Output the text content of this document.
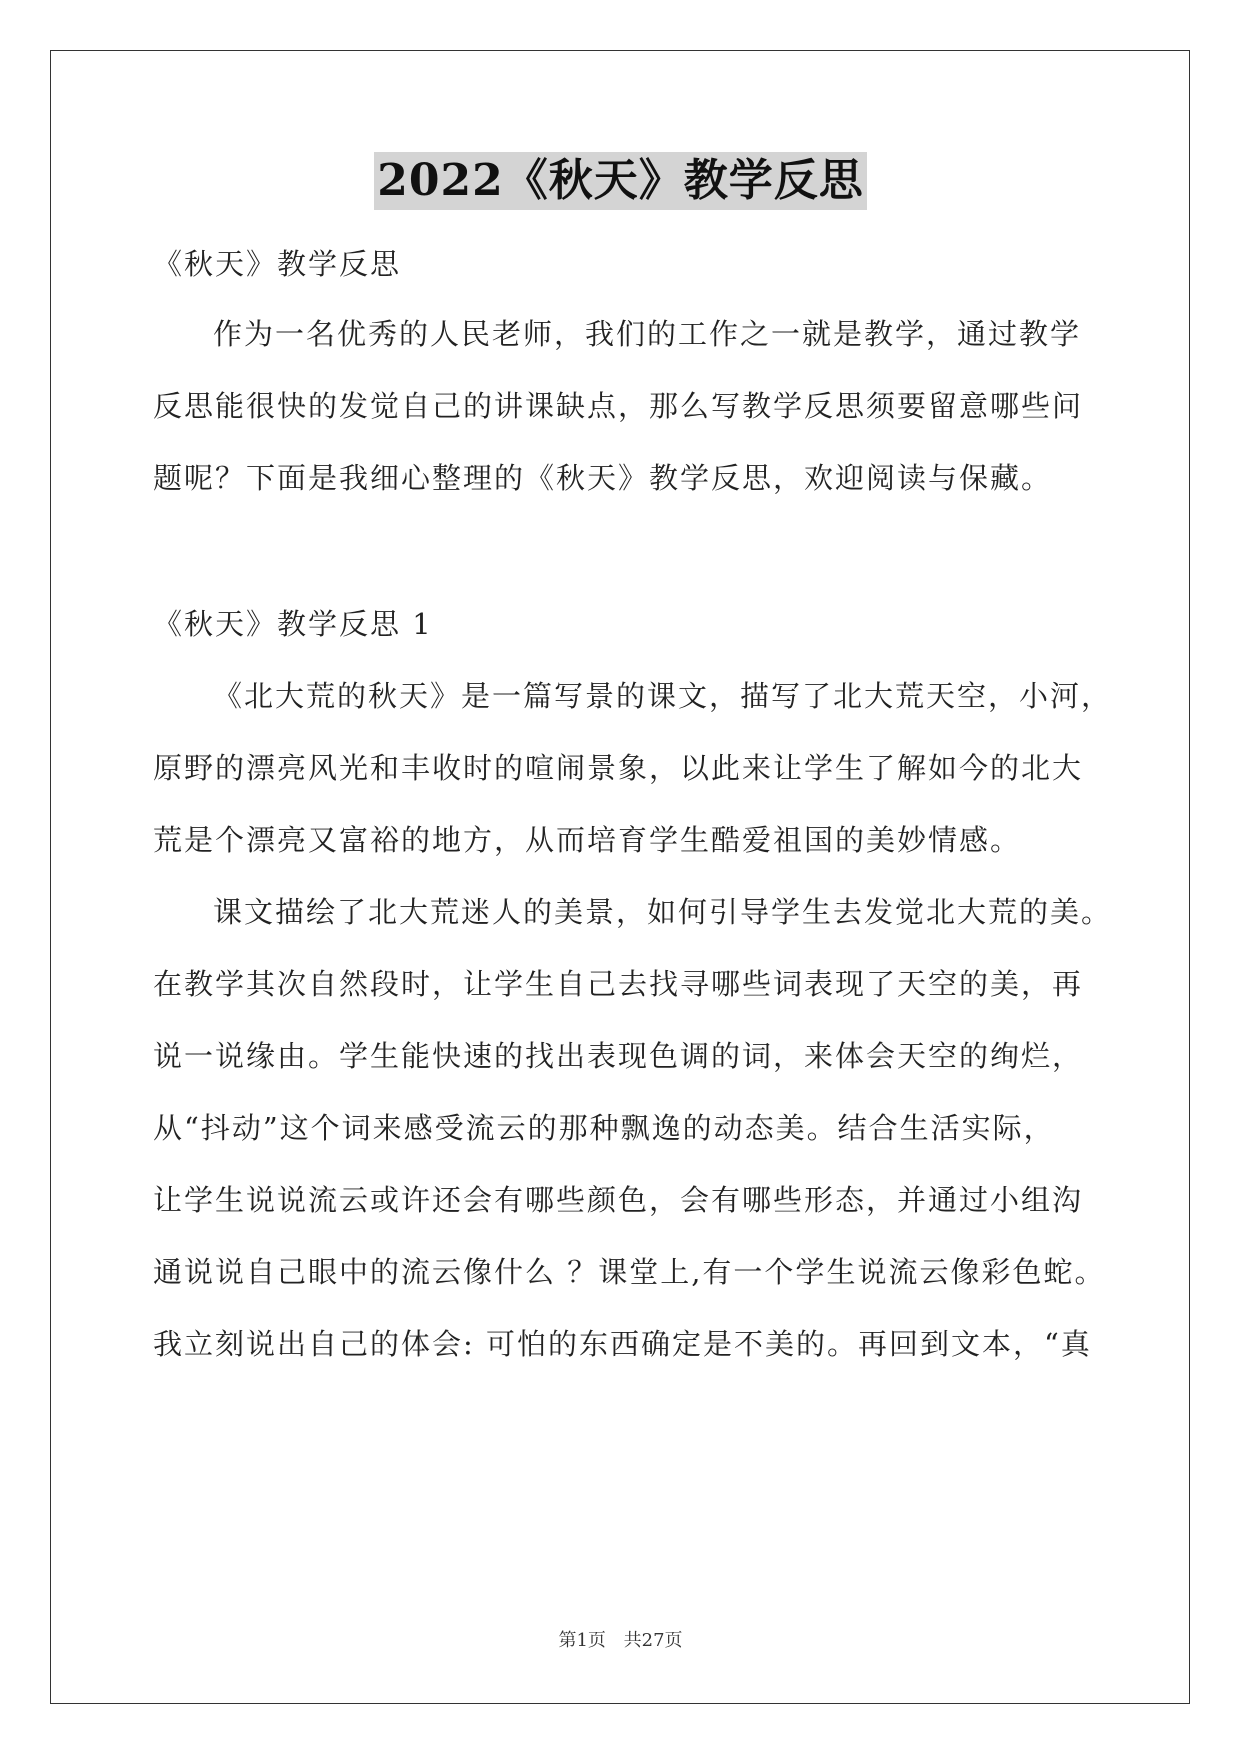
2022《秋天》教学反思
《秋天》教学反思
作为一名优秀的人民老师，我们的工作之一就是教学，通过教学
反思能很快的发觉自己的讲课缺点，那么写教学反思须要留意哪些问
题呢？下面是我细心整理的《秋天》教学反思，欢迎阅读与保藏。
《秋天》教学反思 1
《北大荒的秋天》是一篇写景的课文，描写了北大荒天空，小河，
原野的漂亮风光和丰收时的喧闹景象，以此来让学生了解如今的北大
荒是个漂亮又富裕的地方，从而培育学生酷爱祖国的美妙情感。
课文描绘了北大荒迷人的美景，如何引导学生去发觉北大荒的美。
在教学其次自然段时，让学生自己去找寻哪些词表现了天空的美，再
说一说缘由。学生能快速的找出表现色调的词，来体会天空的绚烂，
从“抖动”这个词来感受流云的那种飘逸的动态美。结合生活实际，
让学生说说流云或许还会有哪些颜色，会有哪些形态，并通过小组沟
通说说自己眼中的流云像什么 ？课堂上,有一个学生说流云像彩色蛇。
我立刻说出自己的体会: 可怕的东西确定是不美的。再回到文本，“真
第1页 共27页
